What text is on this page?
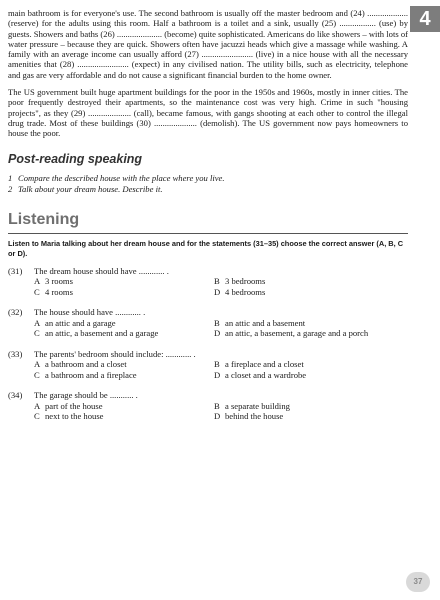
4

main bathroom is for everyone's use. The second bathroom is usually off the master bedroom and (24) ................... (reserve) for the adults using this room. Half a bathroom is a toilet and a sink, usually (25) ................. (use) by guests. Showers and baths (26) ..................... (become) quite sophisticated. Americans do like showers – with lots of water pressure – because they are quick. Showers often have jacuzzi heads which give a massage while washing. A family with an average income can usually afford (27) ........................ (live) in a nice house with all the necessary amenities that (28) ........................ (expect) in any civilised nation. The utility bills, such as electricity, telephone and gas are very affordable and do not cause a significant financial burden to the home owner.

The US government built huge apartment buildings for the poor in the 1950s and 1960s, mostly in inner cities. The poor frequently destroyed their apartments, so the maintenance cost was very high. Crime in such "housing projects", as they (29) .................... (call), became famous, with gangs shooting at each other to control the illegal drug trade. Most of these buildings (30) .................... (demolish). The US government now pays homeowners to house the poor.

Post-reading speaking
1 Compare the described house with the place where you live.
2 Talk about your dream house. Describe it.
Listening

Listen to Maria talking about her dream house and for the statements (31–35) choose the correct answer (A, B, C or D).

(31)	The dream house should have ............ .
A 3 rooms	B 3 bedrooms
C 4 rooms	D 4 bedrooms
(32)	The house should have ............ .
A an attic and a garage	B an attic and a basement
C an attic, a basement and a garage	D an attic, a basement, a garage and a porch
(33)	The parents' bedroom should include: ............ .
A a bathroom and a closet	B a fireplace and a closet
C a bathroom and a fireplace	D a closet and a wardrobe
(34)	The garage should be ........... .
A part of the house	B a separate building
C next to the house	D behind the house
37
